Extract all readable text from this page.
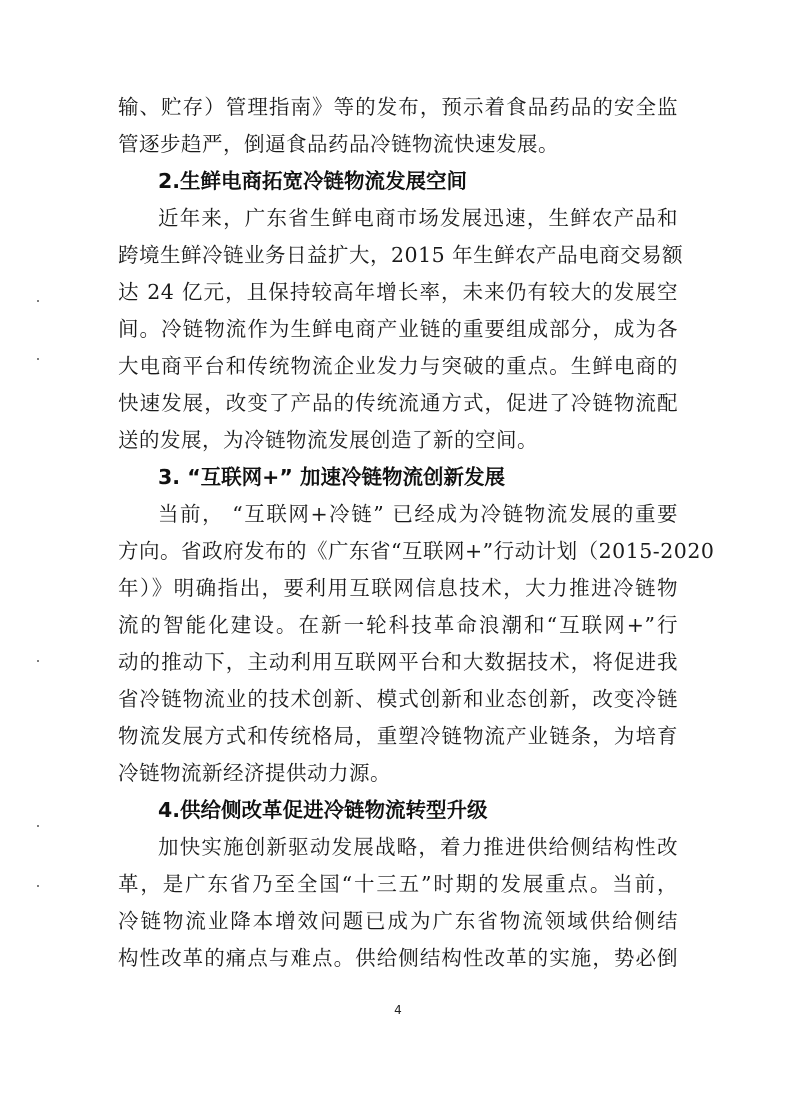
输、贮存）管理指南》等的发布，预示着食品药品的安全监
管逐步趋严，倒逼食品药品冷链物流快速发展。
2.生鲜电商拓宽冷链物流发展空间
近年来，广东省生鲜电商市场发展迅速，生鲜农产品和
跨境生鲜冷链业务日益扩大，2015 年生鲜农产品电商交易额
达 24 亿元，且保持较高年增长率，未来仍有较大的发展空
间。冷链物流作为生鲜电商产业链的重要组成部分，成为各
大电商平台和传统物流企业发力与突破的重点。生鲜电商的
快速发展，改变了产品的传统流通方式，促进了冷链物流配
送的发展，为冷链物流发展创造了新的空间。
3. “互联网+” 加速冷链物流创新发展
当前， “互联网+冷链” 已经成为冷链物流发展的重要
方向。省政府发布的《广东省“互联网+”行动计划（2015-2020
年）》明确指出，要利用互联网信息技术，大力推进冷链物
流的智能化建设。在新一轮科技革命浪潮和“互联网+”行
动的推动下，主动利用互联网平台和大数据技术，将促进我
省冷链物流业的技术创新、模式创新和业态创新，改变冷链
物流发展方式和传统格局，重塑冷链物流产业链条，为培育
冷链物流新经济提供动力源。
4.供给侧改革促进冷链物流转型升级
加快实施创新驱动发展战略，着力推进供给侧结构性改
革，是广东省乃至全国“十三五”时期的发展重点。当前，
冷链物流业降本增效问题已成为广东省物流领域供给侧结
构性改革的痛点与难点。供给侧结构性改革的实施，势必倒
4
